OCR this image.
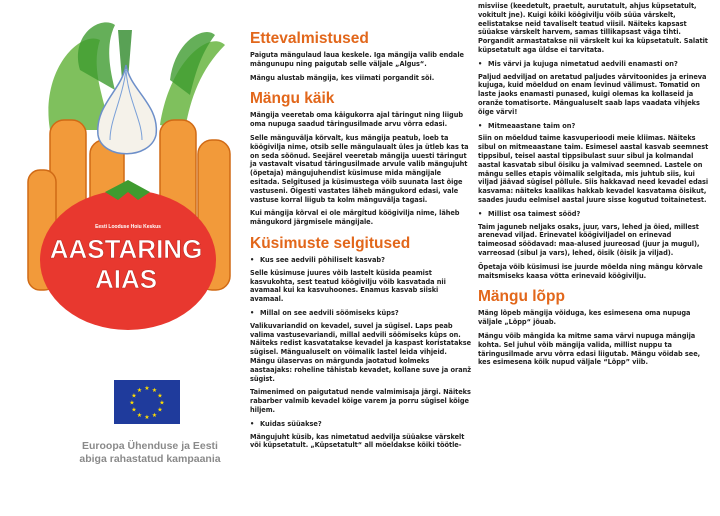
Eesti Looduse Hoiu Keskus
AASTARING
AIAS
★ ★
★
★
★
★
★
★
★
★
★
★
Euroopa Ühenduse ja Eesti
abiga rahastatud kampaania
Ettevalmistused

Paiguta mängulaud laua keskele. Iga mängija valib endale mängunupu ning paigutab selle väljale „Algus“.

Mängu alustab mängija, kes viimati porgandit sõi.

Mängu käik

Mängija veeretab oma käigukorra ajal täringut ning liigub oma nupuga saadud täringusilmade arvu võrra edasi.

Selle mänguvälja kõrvalt, kus mängija peatub, loeb ta köögivilja nime, otsib selle mängulaualt üles ja ütleb kas ta on seda sõõnud. Seejärel veeretab mängija uuesti täringut ja vastavalt visatud täringusilmade arvule valib mängujuht (õpetaja) mängujuhendist küsimuse mida mängijale esitada. Selgitused ja küsimustega võib suunata last õige vastuseni. Õigesti vastates läheb mängukord edasi, vale vastuse korral liigub ta kolm mänguvälja tagasi.

Kui mängija kõrval ei ole märgitud köögivilja nime, läheb mängukord järgmisele mängijale.

Küsimuste selgitused
• Kus see aedvili põhiliselt kasvab?

Selle küsimuse juures võib lastelt küsida peamist kasvukohta, sest teatud köögivilju võib kasvatada nii avamaal kui ka kasvuhoones. Enamus kasvab siiski avamaal.

• Millal on see aedvili söömiseks küps?

Valikuvariandid on kevadel, suvel ja sügisel. Laps peab valima vastusevariandi, millal aedvili söömiseks küps on. Näiteks redist kasvatatakse kevadel ja kaspast koristatakse sügisel. Mängualuselt on võimalik lastel leida vihjeid. Mängu ülaservas on märgunda jaotatud kolmeks aastaajaks: roheline tähistab kevadet, kollane suve ja oranž sügist.

Taimenimed on paigutatud nende valmimisaja järgi. Näiteks rabarber valmib kevadel kõige varem ja porru sügisel kõige hiljem.

• Kuidas süüakse?

Mängujuht küsib, kas nimetatud aedvilja süüakse värskelt või küpsetatult. „Küpsetatult“ all mõeldakse kõiki töötle-

misviise (keedetult, praetult, aurutatult, ahjus küpsetatult, vokitult jne). Kuigi kõiki köögivilju võib süüa värskelt, eelistatakse neid tavaliselt teatud viisil. Näiteks kapsast süüakse värskelt harvem, samas tillikapsast väga tihti. Porgandit armastatakse nii värskelt kui ka küpsetatult. Salatit küpsetatult aga üldse ei tarvitata.

• Mis värvi ja kujuga nimetatud aedvili enamasti on?

Paljud aedviljad on aretatud paljudes värvitoonides ja erineva kujuga, kuid mõeldud on enam levinud välimust. Tomatid on laste jaoks enamasti punased, kuigi olemas ka kollaseid ja oranže tomatisorte. Mängualuselt saab laps vaadata vihjeks õige värvi!

• Mitmeaastane taim on?

Siin on mõeldud taime kasvuperioodi meie kliimas. Näiteks sibul on mitmeaastane taim. Esimesel aastal kasvab seemnest tippsibul, teisel aastal tippsibulast suur sibul ja kolmandal aastal kasvatab sibul õisiku ja valmivad seemned. Lastele on mängu selles etapis võimalik selgitada, mis juhtub siis, kui viljad jäävad sügisel põllule. Siis hakkavad need kevadel edasi kasvama: näiteks kaalikas hakkab kevadel kasvatama õisikut, saades juudu eelmisel aastal juure sisse kogutud toitainetest.

• Millist osa taimest sööd?

Taim jaguneb neljaks osaks, juur, vars, lehed ja õied, millest arenevad viljad. Erinevatel köögiviljadel on erinevad taimeosad söödavad: maa-alused juureosad (juur ja mugul), varreosad (sibul ja vars), lehed, õisik (õisik ja viljad).

Õpetaja võib küsimusi ise juurde mõelda ning mängu kõrvale maitsmiseks kaasa võtta erinevaid köögivilju.

Mängu lõpp

Mäng lõpeb mängija võiduga, kes esimesena oma nupuga väljale „Lõpp“ jõuab.

Mängu võib mängida ka mitme sama värvi nupuga mängija kohta. Sel juhul võib mängija valida, millist nuppu ta täringusilmade arvu võrra edasi liigutab. Mängu võidab see, kes esimesena kõik nupud väljale “Lõpp” viib.
